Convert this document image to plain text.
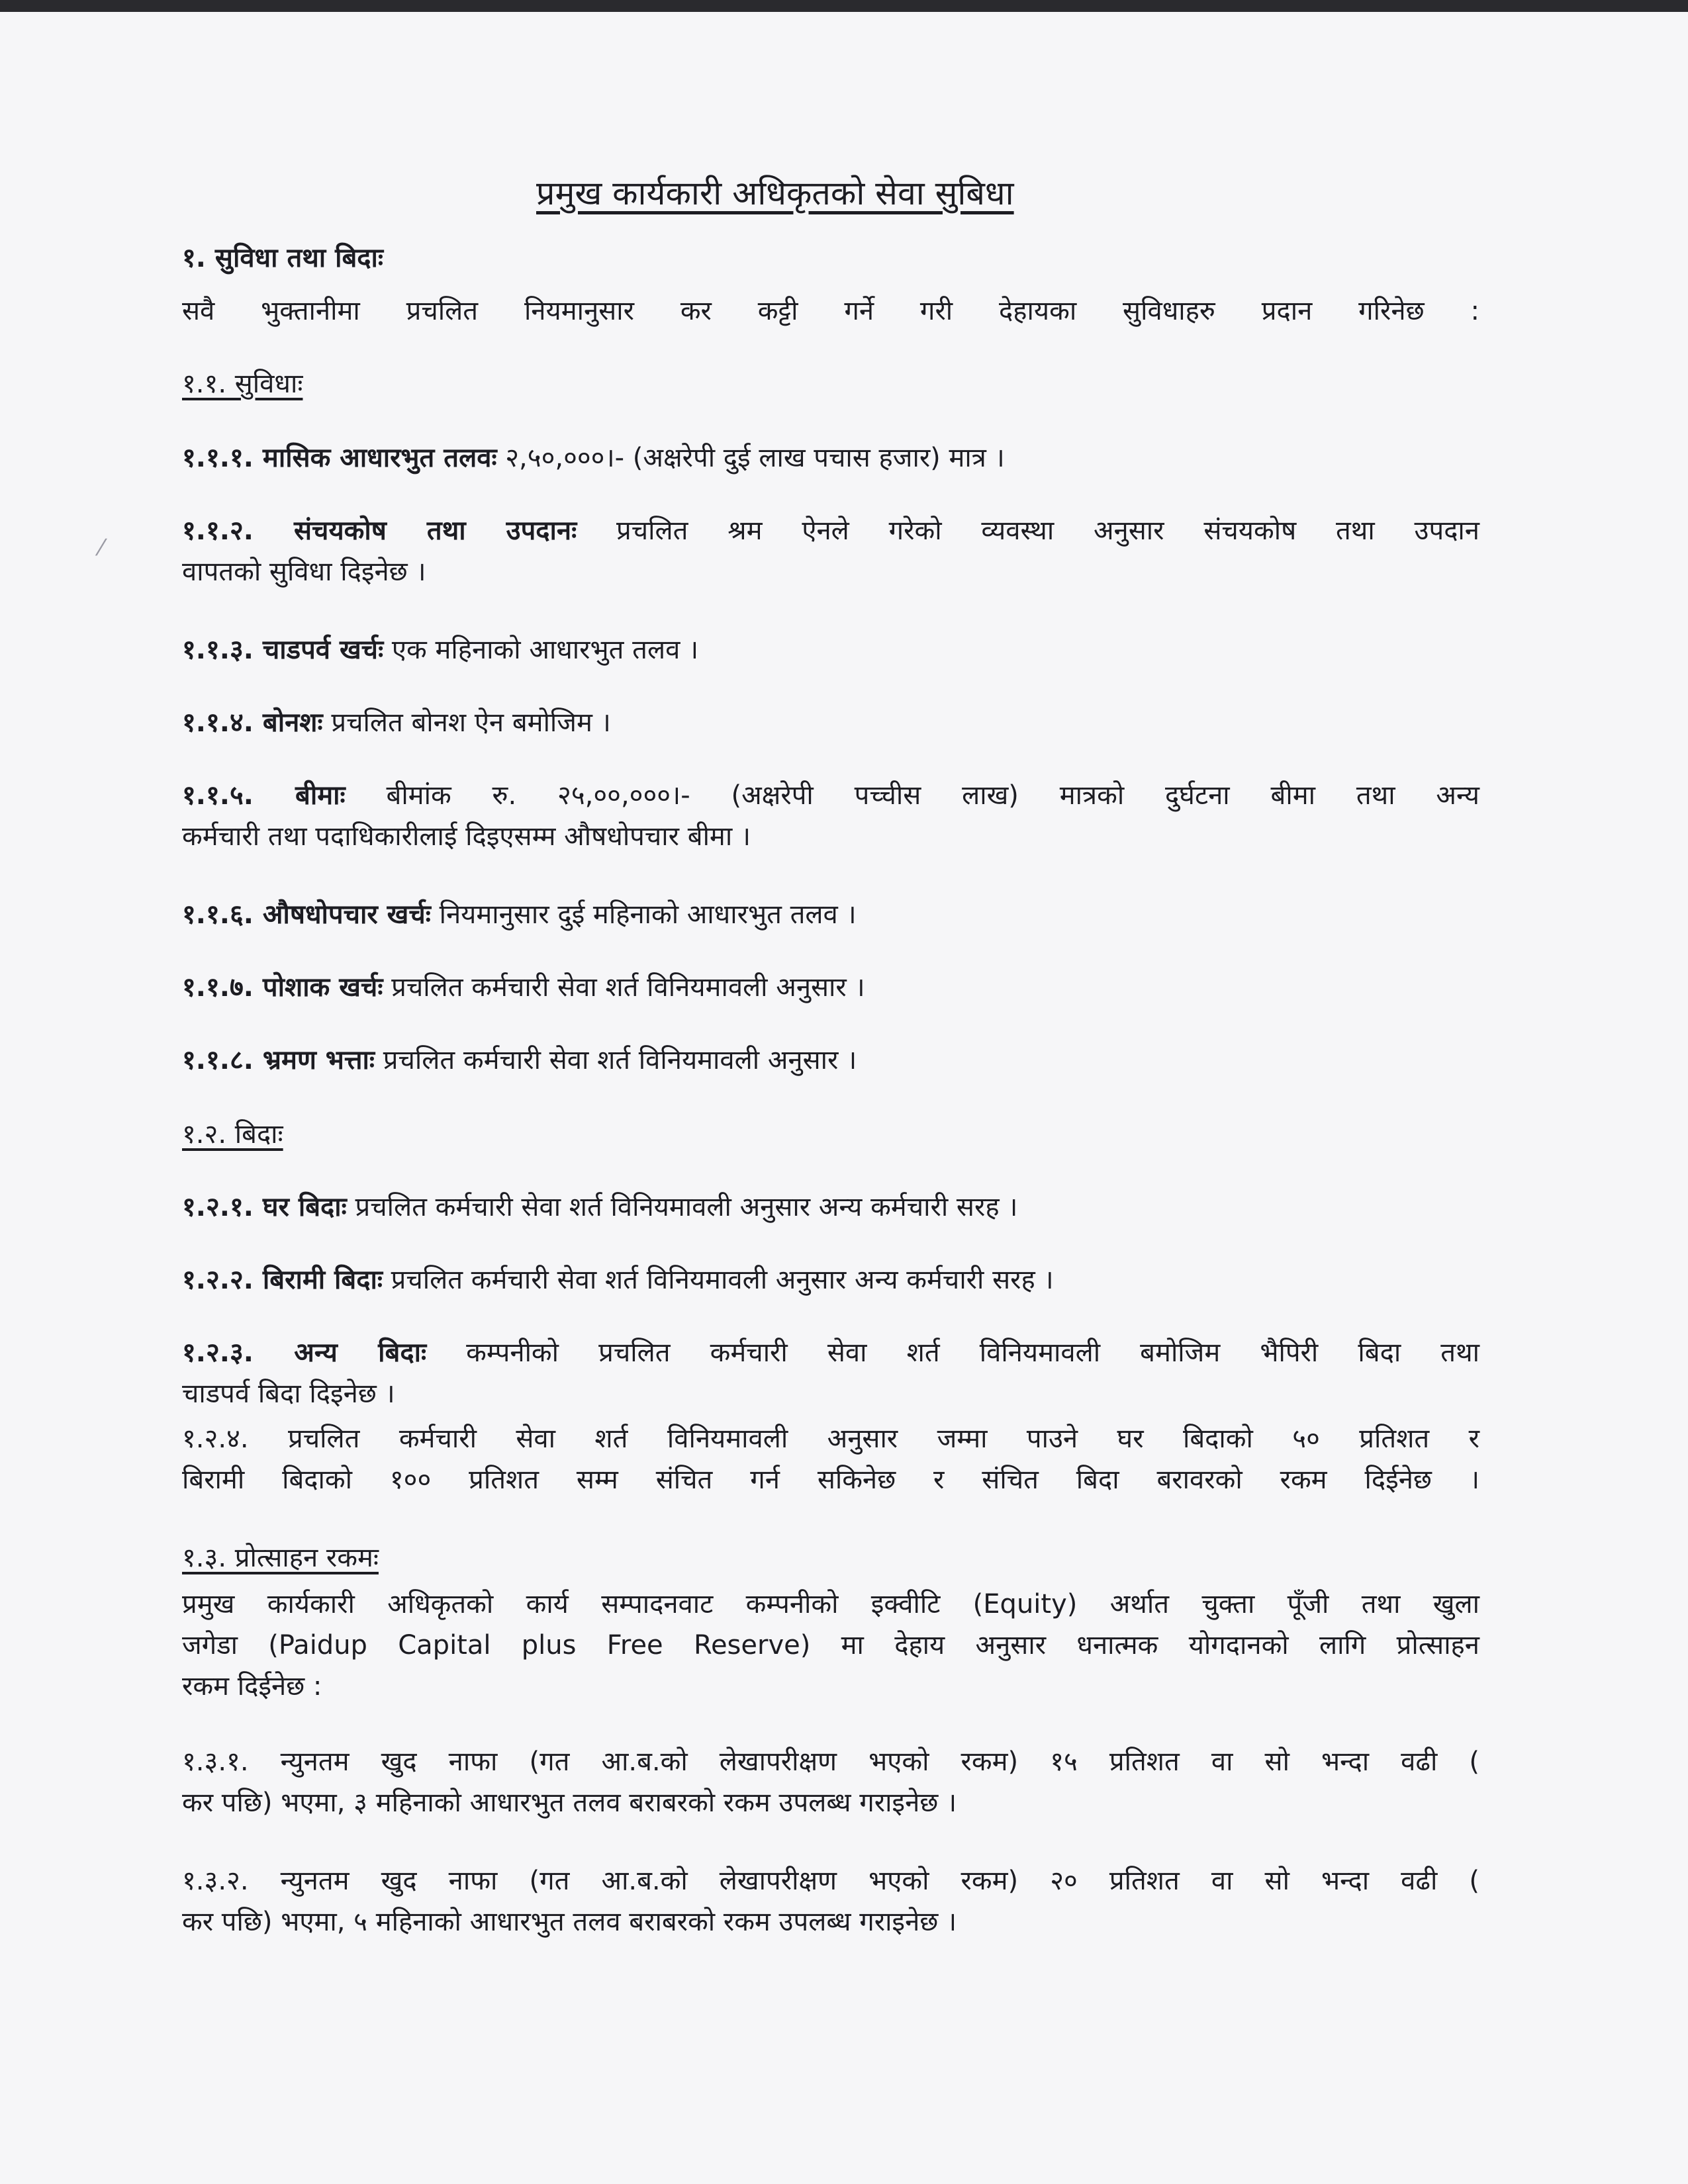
प्रमुख कार्यकारी अधिकृतको सेवा सुबिधा
१. सुविधा तथा बिदाः
सवै भुक्तानीमा प्रचलित नियमानुसार कर कट्टी गर्ने गरी देहायका सुविधाहरु प्रदान गरिनेछ :
१.१. सुविधाः
१.१.१. मासिक आधारभुत तलवः २,५०,०००।- (अक्षरेपी दुई लाख पचास हजार) मात्र ।
१.१.२. संचयकोष तथा उपदानः प्रचलित श्रम ऐनले गरेको व्यवस्था अनुसार संचयकोष तथा उपदान
वापतको सुविधा दिइनेछ ।
१.१.३. चाडपर्व खर्चः एक महिनाको आधारभुत तलव ।
१.१.४. बोनशः प्रचलित बोनश ऐन बमोजिम ।
१.१.५. बीमाः बीमांक रु. २५,००,०००।- (अक्षरेपी पच्चीस लाख) मात्रको दुर्घटना बीमा तथा अन्य
कर्मचारी तथा पदाधिकारीलाई दिइएसम्म औषधोपचार बीमा ।
१.१.६. औषधोपचार खर्चः नियमानुसार दुई महिनाको आधारभुत तलव ।
१.१.७. पोशाक खर्चः प्रचलित कर्मचारी सेवा शर्त विनियमावली अनुसार ।
१.१.८. भ्रमण भत्ताः प्रचलित कर्मचारी सेवा शर्त विनियमावली अनुसार ।
१.२. बिदाः
१.२.१. घर बिदाः प्रचलित कर्मचारी सेवा शर्त विनियमावली अनुसार अन्य कर्मचारी सरह ।
१.२.२. बिरामी बिदाः प्रचलित कर्मचारी सेवा शर्त विनियमावली अनुसार अन्य कर्मचारी सरह ।
१.२.३. अन्य बिदाः कम्पनीको प्रचलित कर्मचारी सेवा शर्त विनियमावली बमोजिम भैपिरी बिदा तथा
चाडपर्व बिदा दिइनेछ ।
१.२.४. प्रचलित कर्मचारी सेवा शर्त विनियमावली अनुसार जम्मा पाउने घर बिदाको ५० प्रतिशत र
बिरामी बिदाको १०० प्रतिशत सम्म संचित गर्न सकिनेछ र संचित बिदा बरावरको रकम दिईनेछ ।
१.३. प्रोत्साहन रकमः
प्रमुख कार्यकारी अधिकृतको कार्य सम्पादनवाट कम्पनीको इक्वीटि (Equity) अर्थात चुक्ता पूँजी तथा खुला
जगेडा (Paidup Capital plus Free Reserve) मा देहाय अनुसार धनात्मक योगदानको लागि प्रोत्साहन
रकम दिईनेछ :
१.३.१. न्युनतम खुद नाफा (गत आ.ब.को लेखापरीक्षण भएको रकम) १५ प्रतिशत वा सो भन्दा वढी (
कर पछि) भएमा, ३ महिनाको आधारभुत तलव बराबरको रकम उपलब्ध गराइनेछ ।
१.३.२. न्युनतम खुद नाफा (गत आ.ब.को लेखापरीक्षण भएको रकम) २० प्रतिशत वा सो भन्दा वढी (
कर पछि) भएमा, ५ महिनाको आधारभुत तलव बराबरको रकम उपलब्ध गराइनेछ ।
⁄
